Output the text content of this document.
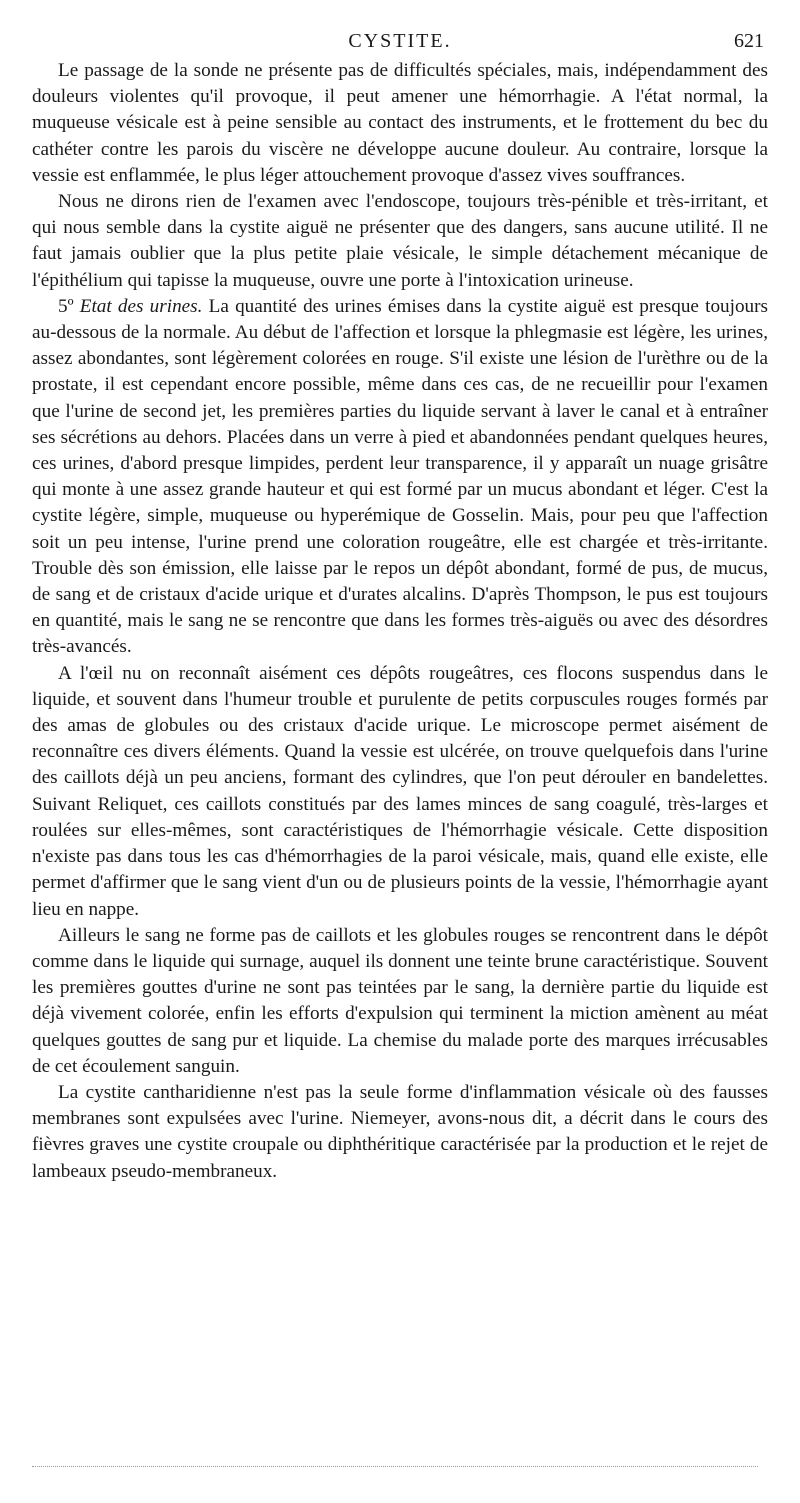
CYSTITE.	621

Le passage de la sonde ne présente pas de difficultés spéciales, mais, indépendamment des douleurs violentes qu'il provoque, il peut amener une hémorrhagie. A l'état normal, la muqueuse vésicale est à peine sensible au contact des instruments, et le frottement du bec du cathéter contre les parois du viscère ne développe aucune douleur. Au contraire, lorsque la vessie est enflammée, le plus léger attouchement provoque d'assez vives souffrances.

Nous ne dirons rien de l'examen avec l'endoscope, toujours très-pénible et très-irritant, et qui nous semble dans la cystite aiguë ne présenter que des dangers, sans aucune utilité. Il ne faut jamais oublier que la plus petite plaie vésicale, le simple détachement mécanique de l'épithélium qui tapisse la muqueuse, ouvre une porte à l'intoxication urineuse.

5º Etat des urines. La quantité des urines émises dans la cystite aiguë est presque toujours au-dessous de la normale. Au début de l'affection et lorsque la phlegmasie est légère, les urines, assez abondantes, sont légèrement colorées en rouge. S'il existe une lésion de l'urèthre ou de la prostate, il est cependant encore possible, même dans ces cas, de ne recueillir pour l'examen que l'urine de second jet, les premières parties du liquide servant à laver le canal et à entraîner ses sécrétions au dehors. Placées dans un verre à pied et abandonnées pendant quelques heures, ces urines, d'abord presque limpides, perdent leur transparence, il y apparaît un nuage grisâtre qui monte à une assez grande hauteur et qui est formé par un mucus abondant et léger. C'est la cystite légère, simple, muqueuse ou hyperémique de Gosselin. Mais, pour peu que l'affection soit un peu intense, l'urine prend une coloration rougeâtre, elle est chargée et très-irritante. Trouble dès son émission, elle laisse par le repos un dépôt abondant, formé de pus, de mucus, de sang et de cristaux d'acide urique et d'urates alcalins. D'après Thompson, le pus est toujours en quantité, mais le sang ne se rencontre que dans les formes très-aiguës ou avec des désordres très-avancés.

A l'œil nu on reconnaît aisément ces dépôts rougeâtres, ces flocons suspendus dans le liquide, et souvent dans l'humeur trouble et purulente de petits corpuscules rouges formés par des amas de globules ou des cristaux d'acide urique. Le microscope permet aisément de reconnaître ces divers éléments. Quand la vessie est ulcérée, on trouve quelquefois dans l'urine des caillots déjà un peu anciens, formant des cylindres, que l'on peut dérouler en bandelettes. Suivant Reliquet, ces caillots constitués par des lames minces de sang coagulé, très-larges et roulées sur elles-mêmes, sont caractéristiques de l'hémorrhagie vésicale. Cette disposition n'existe pas dans tous les cas d'hémorrhagies de la paroi vésicale, mais, quand elle existe, elle permet d'affirmer que le sang vient d'un ou de plusieurs points de la vessie, l'hémorrhagie ayant lieu en nappe.

Ailleurs le sang ne forme pas de caillots et les globules rouges se rencontrent dans le dépôt comme dans le liquide qui surnage, auquel ils donnent une teinte brune caractéristique. Souvent les premières gouttes d'urine ne sont pas teintées par le sang, la dernière partie du liquide est déjà vivement colorée, enfin les efforts d'expulsion qui terminent la miction amènent au méat quelques gouttes de sang pur et liquide. La chemise du malade porte des marques irrécusables de cet écoulement sanguin.

La cystite cantharidienne n'est pas la seule forme d'inflammation vésicale où des fausses membranes sont expulsées avec l'urine. Niemeyer, avons-nous dit, a décrit dans le cours des fièvres graves une cystite croupale ou diphthéritique caractérisée par la production et le rejet de lambeaux pseudo-membraneux.
